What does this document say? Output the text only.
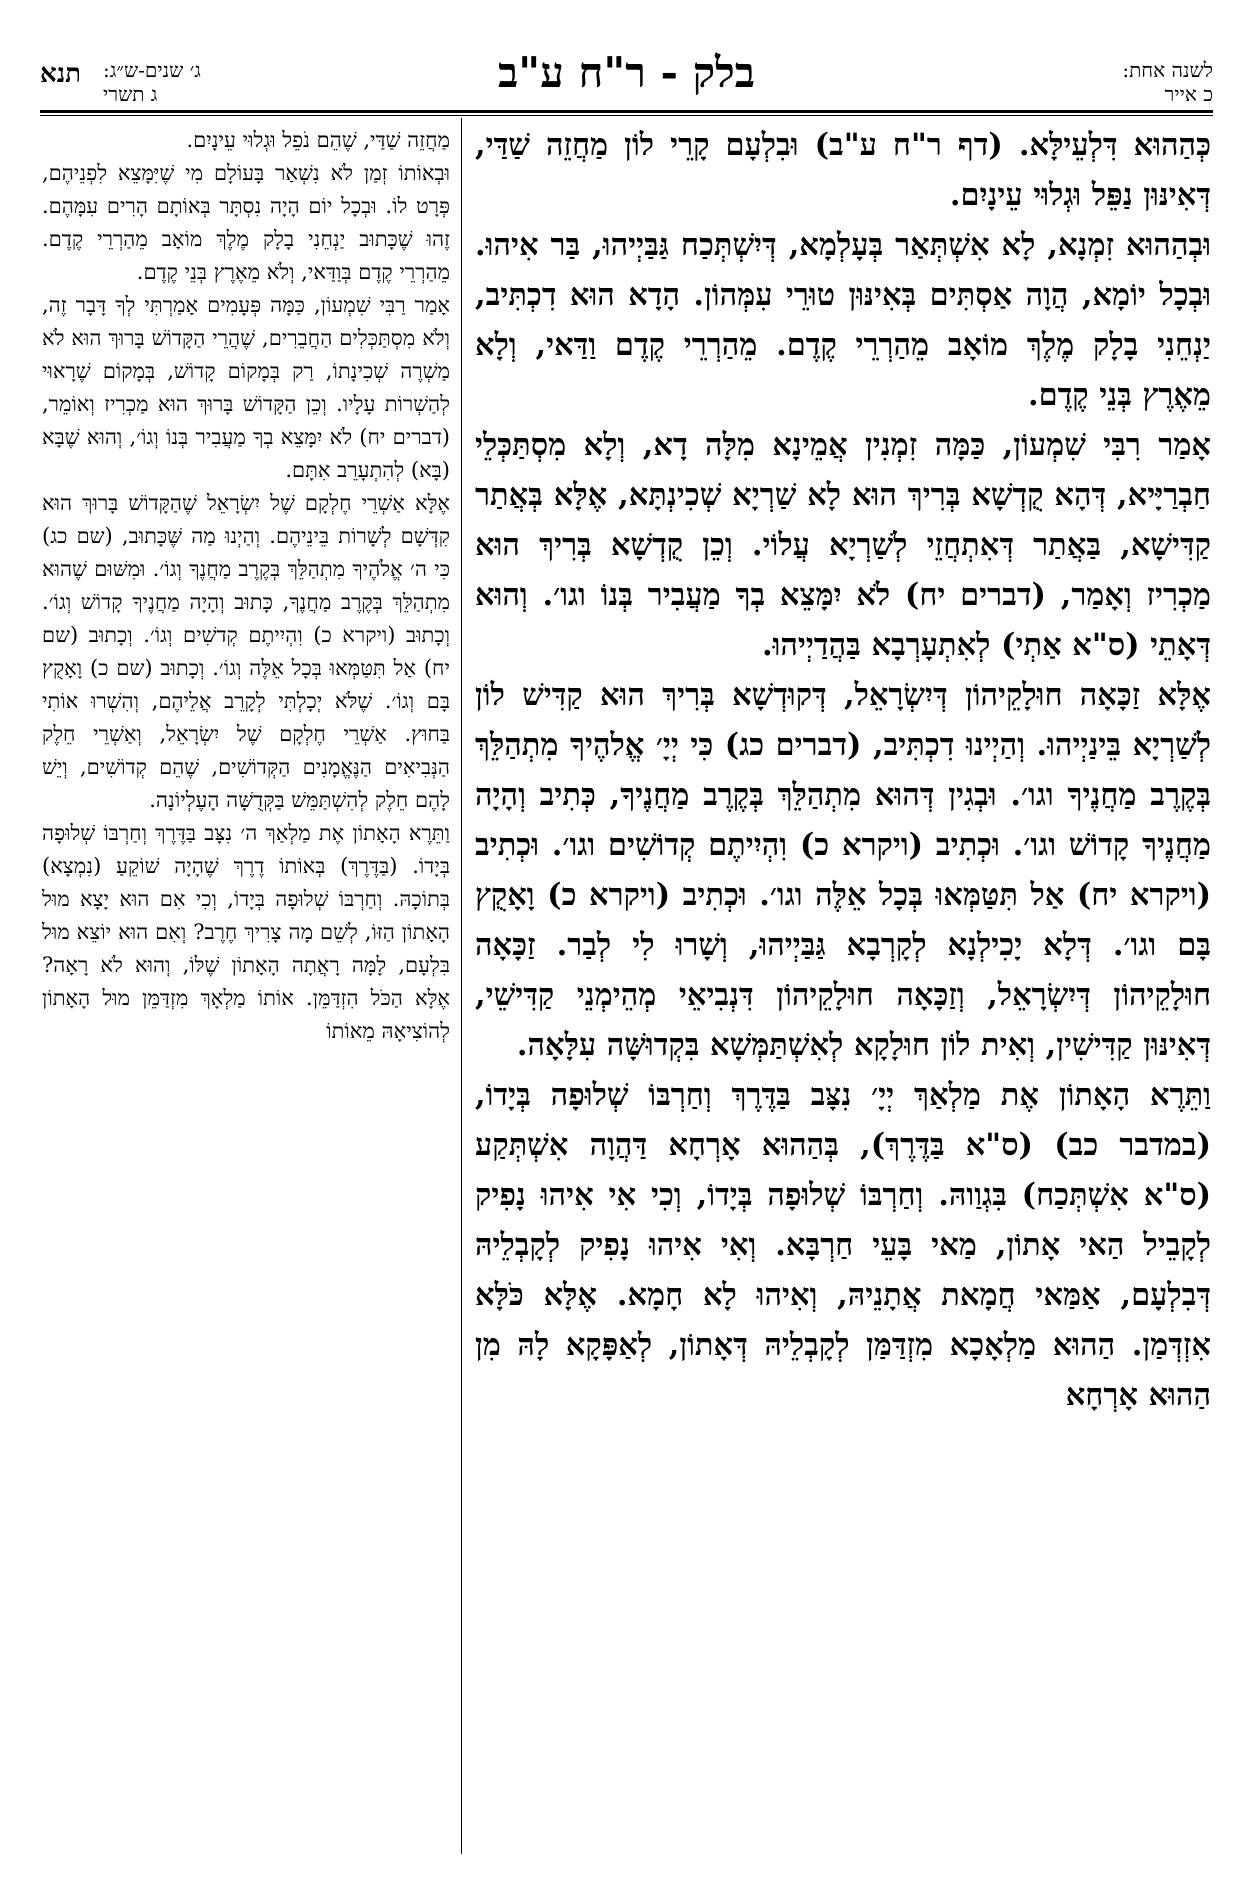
לשנה אחת:
כ אייר
בלק - ר"ח ע"ב
ג׳ שנים-ש״ג:
ג תשרי
תנא

כְּהַהוּא דִּלְעֵילָּא. (דף ר"ח ע"ב) וּבִלְעָם קָרֵי לוֹן מַחֲזֵה שַׁדַּי, דְּאִינּוּן נַפֵּל וּגְלוּי עֵינָיִם.

וּבְהַהוּא זִמְנָא, לָא אִשְׁתְּאַר בְּעָלְמָא, דְּיִשְׁתְּכַח גַּבַּיְיהוּ, בַּר אִיהוּ. וּבְכָל יוֹמָא, הֲוָה אַסְתִּים בְּאִינּוּן טוּרֵי עִמְּהוֹן. הָדָא הוּא דִכְתִּיב, יַנְחֵנִי בָלָק מֶלֶךְ מוֹאָב מֵהַרְרֵי קֶדֶם. מֵהַרְרֵי קֶדֶם וַדַּאי, וְלָא מֵאֶרֶץ בְּנֵי קֶדֶם.

אָמַר רִבִּי שִׁמְעוֹן, כַּמָּה זִמְנִין אֲמֵינָא מִלָּה דָא, וְלָא מִסְתַּכְּלֵי חַבְרַיָּיא, דְּהָא קֻדְשָׁא בְּרִיךְ הוּא לָא שַׁרְיָא שְׁכִינְתָּא, אֶלָּא בְּאֲתַר קַדִּישָׁא, בַּאֲתַר דְּאִתְחֲזֵי לְשַׁרְיָא עֲלוֹי. וְכֵן קֻדְשָׁא בְּרִיךְ הוּא מַכְרִיז וְאָמַר, (דברים יח) לֹא יִמָּצֵא בְךָ מַעֲבִיר בְּנוֹ וגו׳. וְהוּא דְּאָתֵי (ס"א אַתְי) לְאִתְעָרְבָא בַּהֲדַיְיהוּ.

אֶלָּא זַכָּאָה חוּלָקֵיהוֹן דְּיִשְׂרָאֵל, דְּקוּדְשָׁא בְּרִיךְ הוּא קַדִּישׁ לוֹן לְשַׁרְיָא בֵּינַיְיהוּ. וְהַיְינוּ דִכְתִּיב, (דברים כג) כִּי יְיָ׳ אֱלהֶיךָ מִתְהַלֵּךְ בְּקֶרֶב מַחֲנֶיךָ וגו׳. וּבְגִין דְּהוּא מִתְהַלֵּךְ בְּקֶרֶב מַחֲנֶיךָ, כְּתִיב וְהָיָה מַחֲנֶיךָ קָדוֹשׁ וגו׳. וּכְתִיב (ויקרא כ) וִהְיִיתֶם קְדוֹשִׁים וגו׳. וּכְתִיב (ויקרא יח) אַל תִּטַּמְּאוּ בְּכָל אֵלֶּה וגו׳. וּכְתִיב (ויקרא כ) וָאָקֻץ בָּם וגו׳. דְּלָא יָכִילְנָא לְקָרְבָא גַּבַּיְיהוּ, וְשָׁרוּ לִי לְבַר. זַכָּאָה חוּלָקֵיהוֹן דְּיִשְׂרָאֵל, וְזַכָּאָה חוּלָקֵיהוֹן דִּנְבִיאֵי מְהֵימְנֵי קַדִּישֵׁי, דְּאִינּוּן קַדִּישִׁין, וְאִית לוֹן חוּלָקָא לְאִשְׁתַּמְּשָׁא בִּקְדוּשָּׁה עִלָּאָה.

וַתֵּרֶא הָאָתוֹן אֶת מַלְאַךְ יְיָ׳ נִצָּב בַּדֶּרֶךְ וְחַרְבּוֹ שְׁלוּפָה בְּיָדוֹ, (במדבר כב) (ס"א בַּדֶּרֶךְ), בְּהַהוּא אָרְחָא דַּהֲוָה אִשְׁתְּקַע (ס"א אִשְׁתְּכַח) בִּגְוַוהּ. וְחַרְבּוֹ שְׁלוּפָה בְּיָדוֹ, וְכִי אִי אִיהוּ נָפִיק לְקָבֵיל הַאי אָתוֹן, מַאי בָּעֵי חַרְבָּא. וְאִי אִיהוּ נָפִיק לְקָבְלֵיהּ דְּבִלְעָם, אַמַּאי חֲמָאת אֲתָנֵיהּ, וְאִיהוּ לָא חָמָא. אֶלָּא כֹּלָּא אִזְדְּמַן. הַהוּא מַלְאָכָא מִזְדַּמַּן לְקָבְלֵיהּ דְּאָתוֹן, לְאַפָּקָא לָהּ מִן הַהוּא אָרְחָא

מַחֲזֵה שַׁדַּי, שֶׁהֵם נֹפֵל וּגְלוּי עֵינָיִם.

וּבְאוֹתוֹ זְמַן לֹא נִשְׁאַר בָּעוֹלָם מִי שֶׁיִּמָּצֵא לִפְנֵיהֶם, פְּרָט לוֹ. וּבְכָל יוֹם הָיָה נִסְתָּר בְּאוֹתָם הָרִים עִמָּהֶם. זֶהוּ שֶׁכָּתוּב יַנְחֵנִי בָלָק מֶלֶךְ מוֹאָב מֵהַרְרֵי קֶדֶם. מֵהַרְרֵי קֶדֶם בְּוַדַּאי, וְלֹא מֵאֶרֶץ בְּנֵי קֶדֶם.

אָמַר רַבִּי שִׁמְעוֹן, כַּמָּה פְּעָמִים אָמַרְתִּי לְךָ דָּבָר זֶה, וְלֹא מִסְתַּכְּלִים הַחֲבֵרִים, שֶׁהֲרֵי הַקָּדוֹשׁ בָּרוּךְ הוּא לֹא מַשְׁרֶה שְׁכִינָתוֹ, רַק בְּמָקוֹם קָדוֹשׁ, בְּמָקוֹם שֶׁרָאוּי לְהַשְׁרוֹת עָלָיו. וְכֵן הַקָּדוֹשׁ בָּרוּךְ הוּא מַכְרִיז וְאוֹמֵר, (דברים יח) לֹא יִמָּצֵא בְךָ מַעֲבִיר בְּנוֹ וְגוֹ׳, וְהוּא שֶׁבָּא (בָּא) לְהִתְעָרֵב אִתָּם.

אֶלָּא אַשְׁרֵי חֶלְקָם שֶׁל יִשְׂרָאֵל שֶׁהַקָּדוֹשׁ בָּרוּךְ הוּא קִדְּשָׁם לְשָׁרוֹת בֵּינֵיהֶם. וְהַיְנוּ מַה שֶּׁכָּתוּב, (שם כג) כִּי ה׳ אֱלֹהֶיךָ מִתְהַלֵּךְ בְּקֶרֶב מַחֲנֶךָ וְגוֹ׳. וּמִשּׁוּם שֶׁהוּא מִתְהַלֵּךְ בְּקֶרֶב מַחֲנֶךָ, כָּתוּב וְהָיָה מַחֲנֶיךָ קָדוֹשׁ וְגוֹ׳. וְכָתוּב (ויקרא כ) וִהְיִיתֶם קְדשִׁים וְגוֹ׳. וְכָתוּב (שם יח) אַל תִּטַּמְּאוּ בְּכָל אֵלֶּה וְגוֹ׳. וְכָתוּב (שם כ) וָאָקֻץ בָּם וְגוֹ׳. שֶׁלֹּא יְכָלְתִּי לְקָרֵב אֲלֵיהֶם, וְהִשְׁרוּ אוֹתִי בַּחוּץ. אַשְׁרֵי חֶלְקָם שֶׁל יִשְׂרָאֵל, וְאַשְׁרֵי חֵלֶק הַנְּבִיאִים הַנֶּאֱמָנִים הַקְּדוֹשִׁים, שֶׁהֵם קְדוֹשִׁים, וְיֵשׁ לָהֶם חֵלֶק לְהִשְׁתַּמֵּשׁ בַּקְּדֻשָּׁה הָעֶלְיוֹנָה.

וַתֵּרֶא הָאָתוֹן אֶת מַלְאַךְ ה׳ נִצָּב בַּדֶּרֶךְ וְחַרְבּוֹ שְׁלוּפָה בְּיָדוֹ. (בַּדֶּרֶךְ) בְּאוֹתוֹ דֶרֶךְ שֶׁהָיָה שׁוֹקֵעַ (נִמְצָא) בְּתוֹכָהּ. וְחַרְבּוֹ שְׁלוּפָה בְּיָדוֹ, וְכִי אִם הוּא יָצָא מוּל הָאָתוֹן הַזּוֹ, לְשֵׁם מָה צָרִיךְ חֶרֶב? וְאִם הוּא יוֹצֵא מוּל בִּלְעָם, לָמָּה רָאֲתָה הָאָתוֹן שֶׁלּוֹ, וְהוּא לֹא רָאָה? אֶלָּא הַכֹּל הִזְדַּמֵּן. אוֹתוֹ מַלְאָךְ מִזְדַּמֵּן מוּל הָאָתוֹן לְהוֹצִיאָהּ מֵאוֹתוֹ
